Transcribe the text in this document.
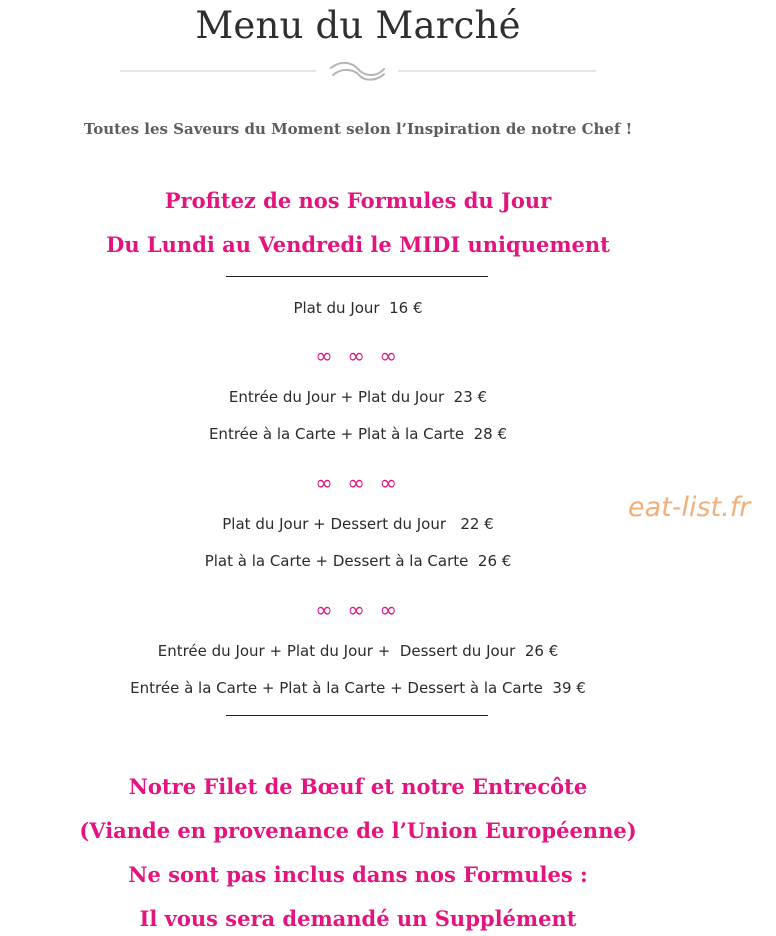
Menu du Marché
Toutes les Saveurs du Moment selon l’Inspiration de notre Chef !
Profitez de nos Formules du Jour
Du Lundi au Vendredi le MIDI uniquement
Plat du Jour  16 €
∞ ∞ ∞
Entrée du Jour + Plat du Jour  23 €
Entrée à la Carte + Plat à la Carte  28 €
∞ ∞ ∞
Plat du Jour + Dessert du Jour   22 €
Plat à la Carte + Dessert à la Carte  26 €
∞ ∞ ∞
Entrée du Jour + Plat du Jour +  Dessert du Jour  26 €
Entrée à la Carte + Plat à la Carte + Dessert à la Carte  39 €
Notre Filet de Bœuf et notre Entrecôte
(Viande en provenance de l’Union Européenne)
Ne sont pas inclus dans nos Formules :
Il vous sera demandé un Supplément
eat-list.fr
